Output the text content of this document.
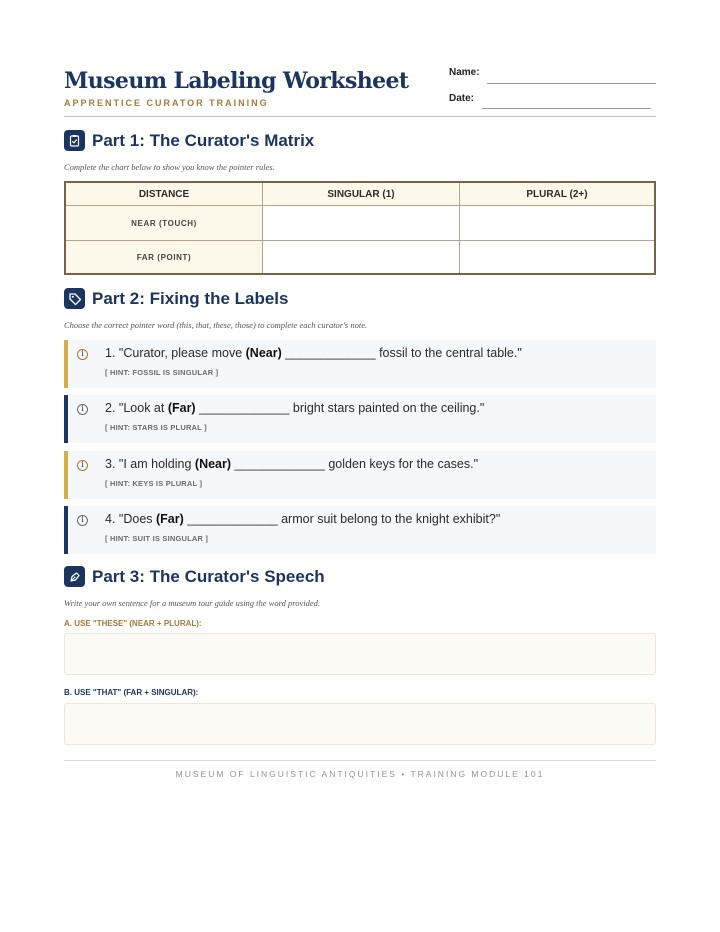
Museum Labeling Worksheet
APPRENTICE CURATOR TRAINING
Name:
Date:
Part 1: The Curator's Matrix
Complete the chart below to show you know the pointer rules.
DISTANCE	SINGULAR (1)	PLURAL (2+)
NEAR (TOUCH)
FAR (POINT)
Part 2: Fixing the Labels
Choose the correct pointer word (this, that, these, those) to complete each curator's note.
i
1. "Curator, please move (Near) _____________ fossil to the central table."
[ HINT: FOSSIL IS SINGULAR ]
i
2. "Look at (Far) _____________ bright stars painted on the ceiling."
[ HINT: STARS IS PLURAL ]
i
3. "I am holding (Near) _____________ golden keys for the cases."
[ HINT: KEYS IS PLURAL ]
i
4. "Does (Far) _____________ armor suit belong to the knight exhibit?"
[ HINT: SUIT IS SINGULAR ]
Part 3: The Curator's Speech
Write your own sentence for a museum tour guide using the word provided.
A. USE "THESE" (NEAR + PLURAL):
B. USE "THAT" (FAR + SINGULAR):
MUSEUM OF LINGUISTIC ANTIQUITIES • TRAINING MODULE 101
